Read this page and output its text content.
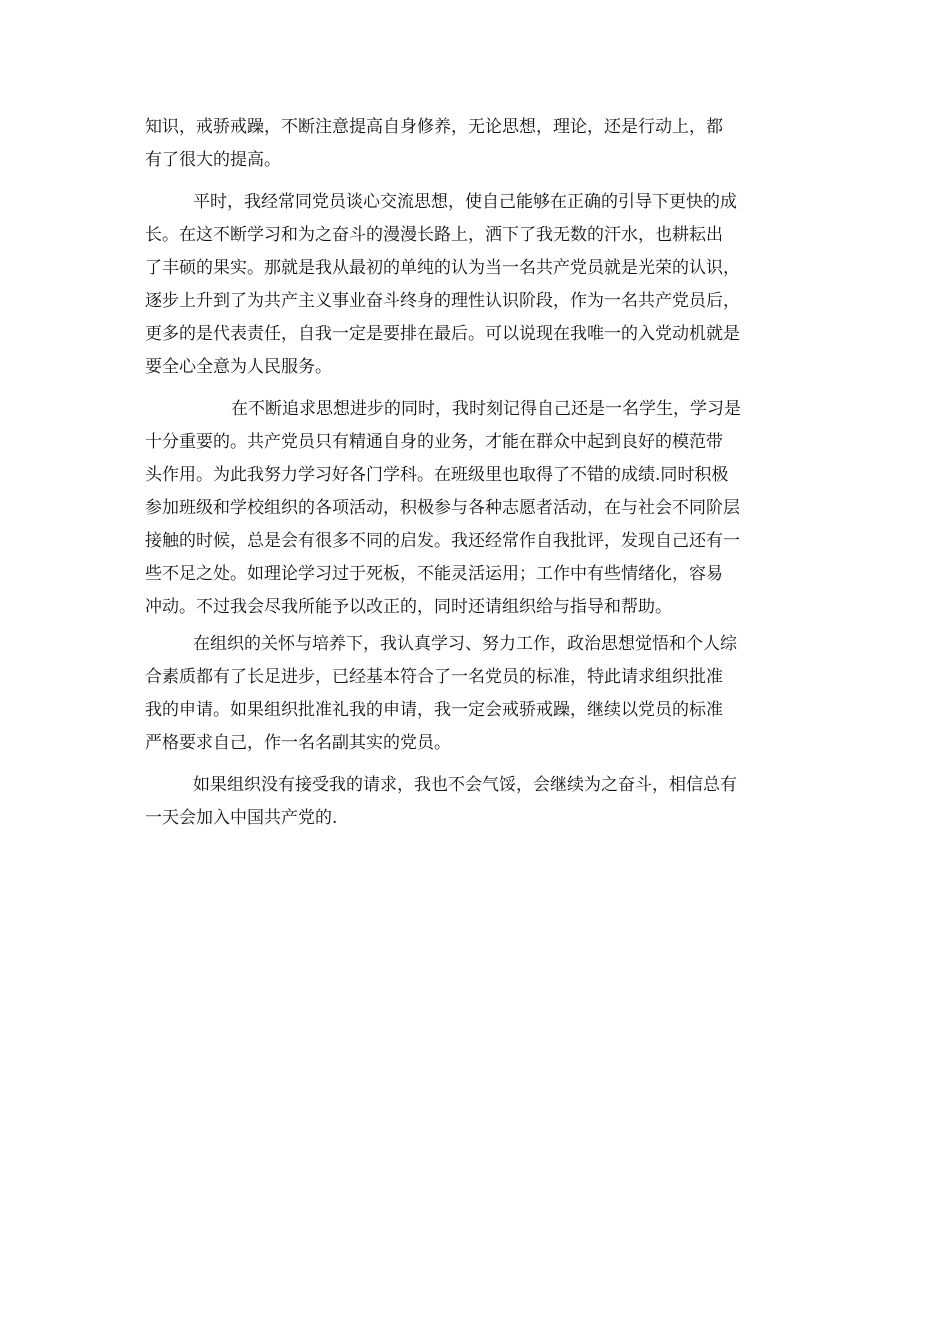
知识，戒骄戒躁，不断注意提高自身修养，无论思想，理论，还是行动上，都
有了很大的提高。
平时，我经常同党员谈心交流思想，使自己能够在正确的引导下更快的成
长。在这不断学习和为之奋斗的漫漫长路上，洒下了我无数的汗水，也耕耘出
了丰硕的果实。那就是我从最初的单纯的认为当一名共产党员就是光荣的认识，
逐步上升到了为共产主义事业奋斗终身的理性认识阶段，作为一名共产党员后，
更多的是代表责任，自我一定是要排在最后。可以说现在我唯一的入党动机就是
要全心全意为人民服务。
在不断追求思想进步的同时，我时刻记得自己还是一名学生，学习是
十分重要的。共产党员只有精通自身的业务，才能在群众中起到良好的模范带
头作用。为此我努力学习好各门学科。在班级里也取得了不错的成绩.同时积极
参加班级和学校组织的各项活动，积极参与各种志愿者活动，在与社会不同阶层
接触的时候，总是会有很多不同的启发。我还经常作自我批评，发现自己还有一
些不足之处。如理论学习过于死板，不能灵活运用；工作中有些情绪化，容易
冲动。不过我会尽我所能予以改正的，同时还请组织给与指导和帮助。
在组织的关怀与培养下，我认真学习、努力工作，政治思想觉悟和个人综
合素质都有了长足进步，已经基本符合了一名党员的标准，特此请求组织批准
我的申请。如果组织批准礼我的申请，我一定会戒骄戒躁，继续以党员的标准
严格要求自己，作一名名副其实的党员。
如果组织没有接受我的请求，我也不会气馁，会继续为之奋斗，相信总有
一天会加入中国共产党的.
